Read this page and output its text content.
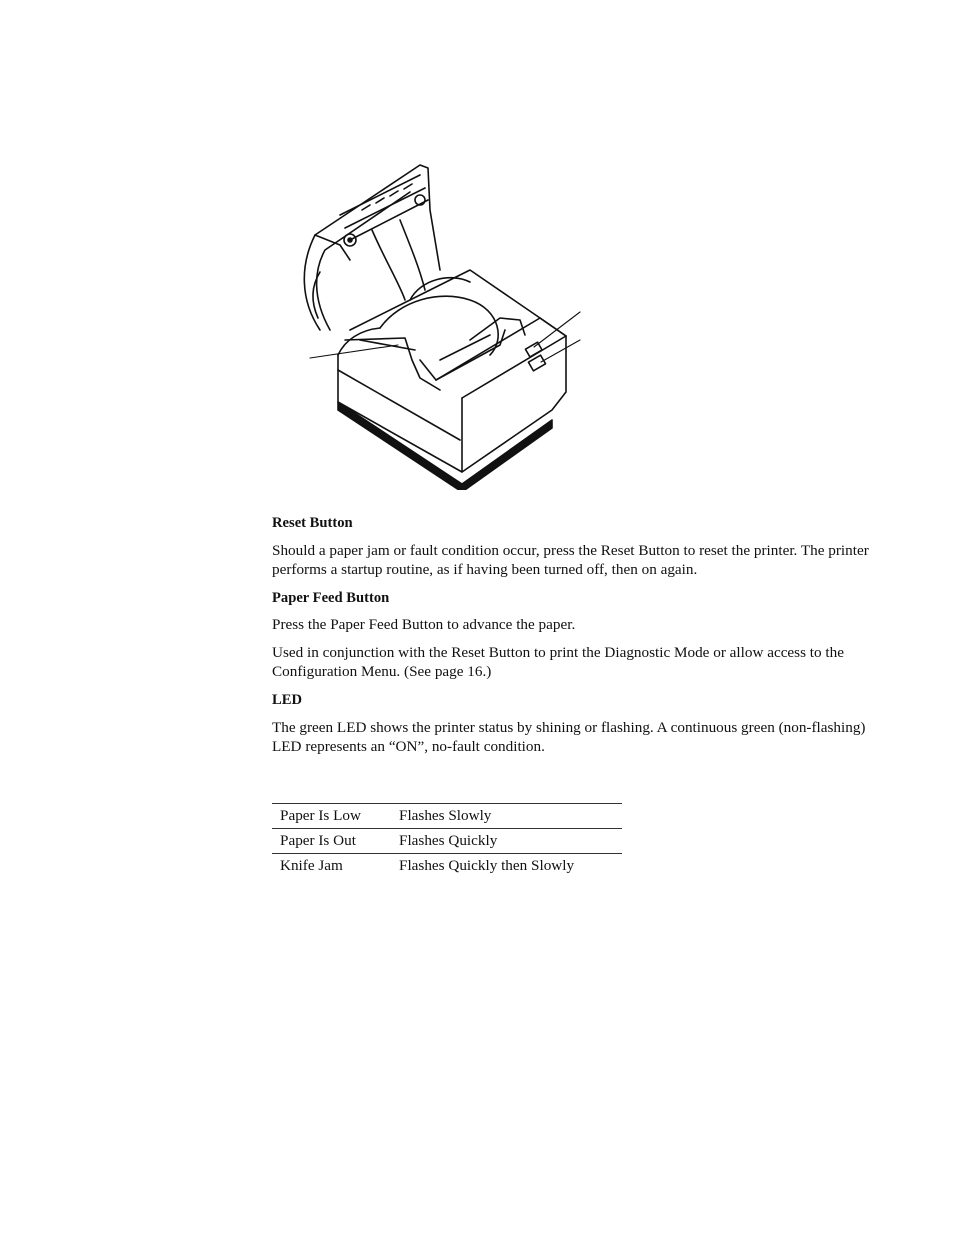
Reset Button

Should a paper jam or fault condition occur, press the Reset Button to reset the printer. The printer performs a startup routine, as if having been turned off, then on again.

Paper Feed Button

Press the Paper Feed Button to advance the paper.

Used in conjunction with the Reset Button to print the Diagnostic Mode or allow access to the Configuration Menu. (See page 16.)

LED

The green LED shows the printer status by shining or flashing. A continuous green (non-flashing) LED represents an “ON”, no-fault condition.

Paper Is Low	Flashes Slowly
Paper Is Out	Flashes Quickly
Knife Jam	Flashes Quickly then Slowly
